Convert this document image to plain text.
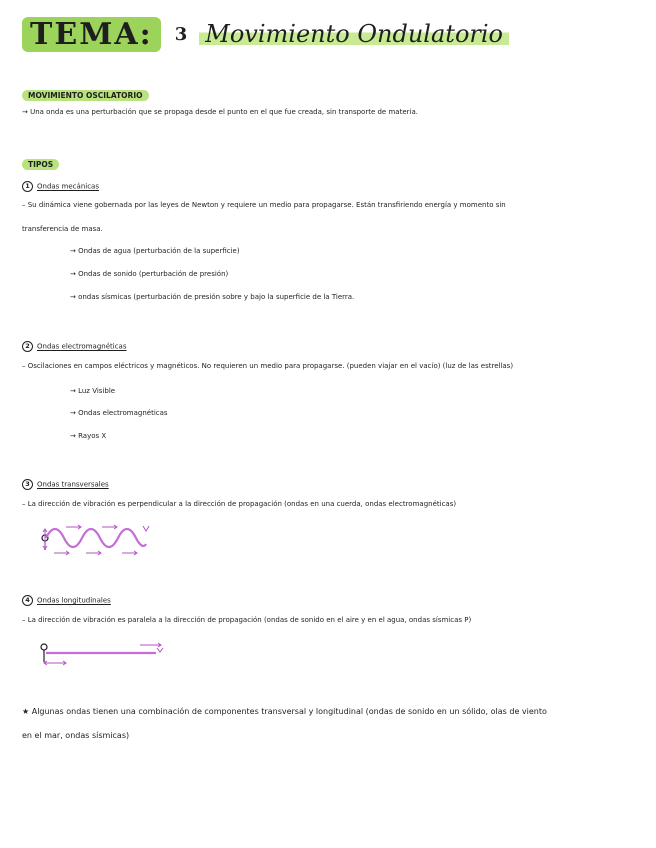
TEMA:	3 Movimiento Ondulatorio
MOVIMIENTO OSCILATORIO
→ Una onda es una perturbación que se propaga desde el punto en el que fue creada, sin transporte de materia.
TIPOS
1 Ondas mecánicas
– Su dinámica viene gobernada por las leyes de Newton y requiere un medio para propagarse. Están transfiriendo energía y momento sin
transferencia de masa.
→ Ondas de agua (perturbación de la superficie)
→ Ondas de sonido (perturbación de presión)
→ ondas sísmicas (perturbación de presión sobre y bajo la superficie de la Tierra.
2 Ondas electromagnéticas
– Oscilaciones en campos eléctricos y magnéticos. No requieren un medio para propagarse. (pueden viajar en el vacío) (luz de las estrellas)
→ Luz Visible
→ Ondas electromagnéticas
→ Rayos X
3 Ondas transversales
– La dirección de vibración es perpendicular a la dirección de propagación (ondas en una cuerda, ondas electromagnéticas)
4 Ondas longitudinales
– La dirección de vibración es paralela a la dirección de propagación (ondas de sonido en el aire y en el agua, ondas sísmicas P)
★ Algunas ondas tienen una combinación de componentes transversal y longitudinal (ondas de sonido en un sólido, olas de viento
en el mar, ondas sísmicas)
